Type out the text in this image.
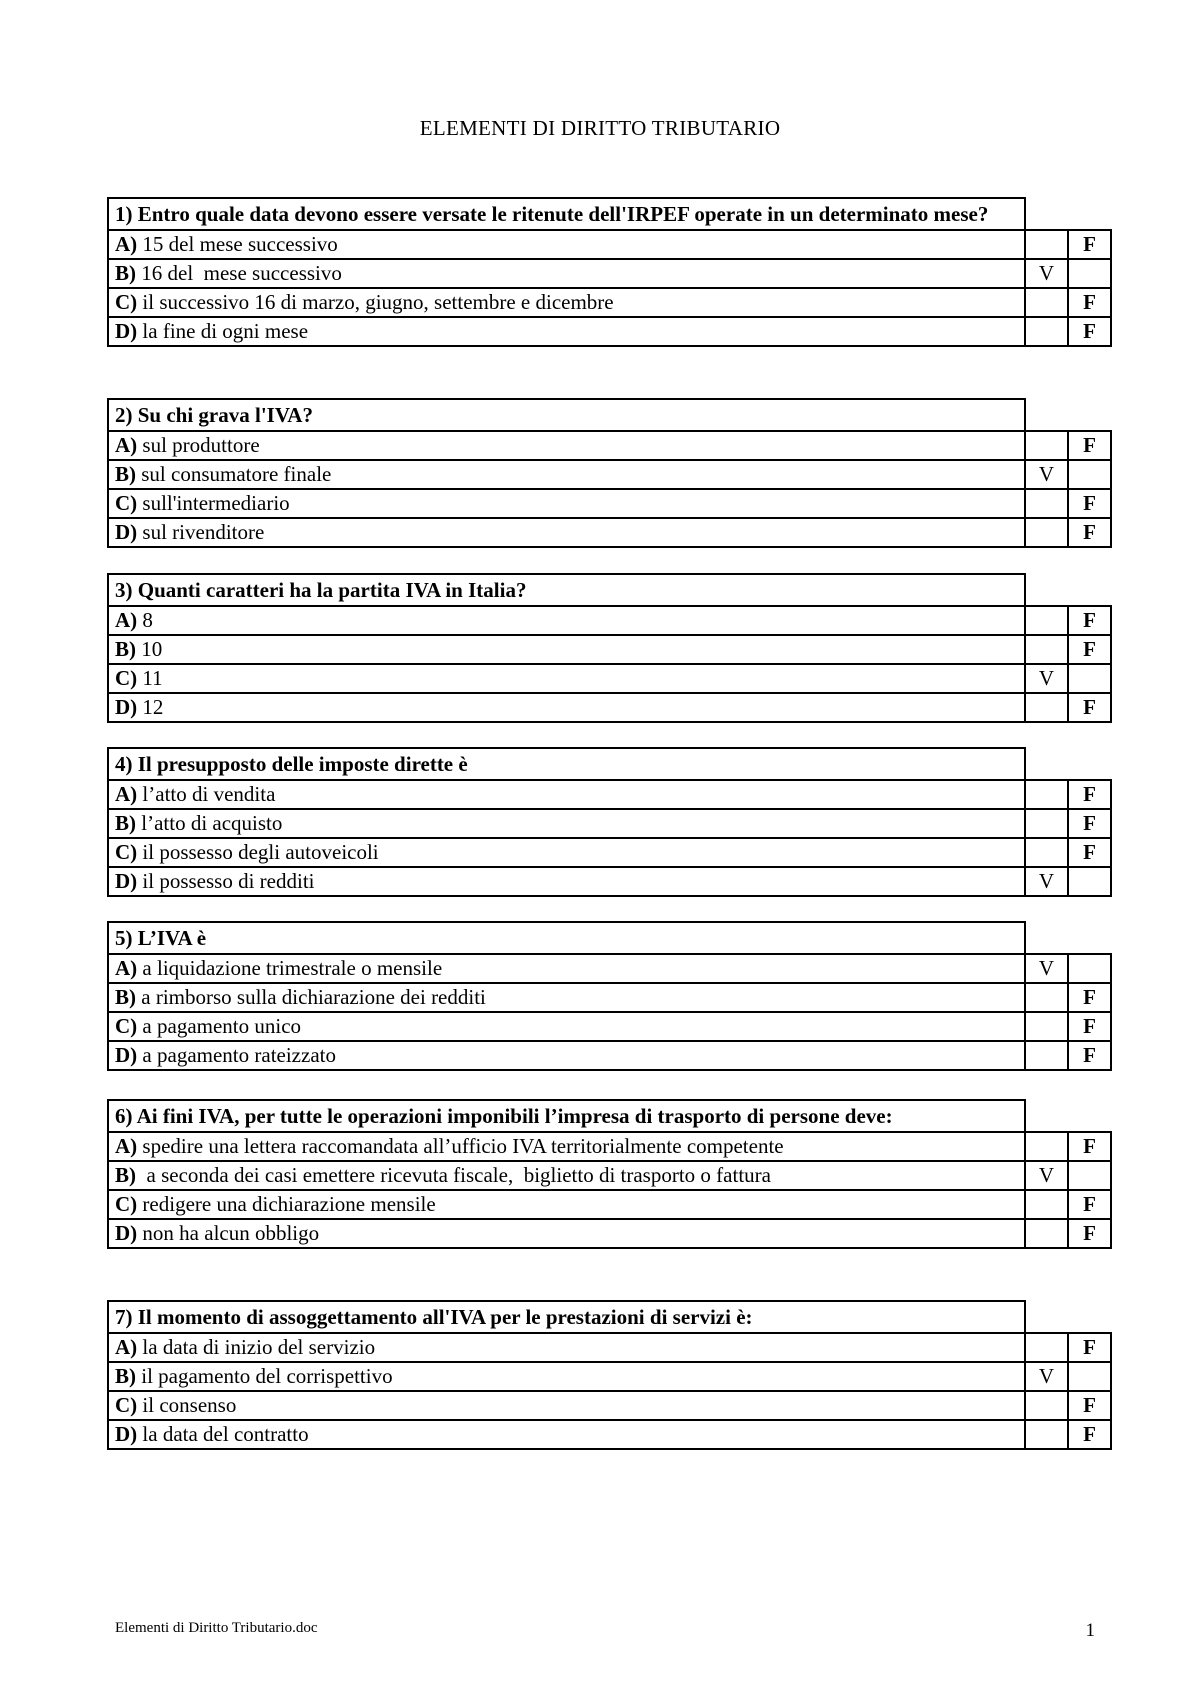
ELEMENTI DI DIRITTO TRIBUTARIO
1) Entro quale data devono essere versate le ritenute dell'IRPEF operate in un determinato mese?		
A) 15 del mese successivo		F
B) 16 del  mese successivo	V	
C) il successivo 16 di marzo, giugno, settembre e dicembre		F
D) la fine di ogni mese		F
2) Su chi grava l'IVA?		
A) sul produttore		F
B) sul consumatore finale	V	
C) sull'intermediario		F
D) sul rivenditore		F
3) Quanti caratteri ha la partita IVA in Italia?		
A) 8		F
B) 10		F
C) 11	V	
D) 12		F
4) Il presupposto delle imposte dirette è		
A) l’atto di vendita		F
B) l’atto di acquisto		F
C) il possesso degli autoveicoli		F
D) il possesso di redditi	V	
5) L’IVA è		
A) a liquidazione trimestrale o mensile	V	
B) a rimborso sulla dichiarazione dei redditi		F
C) a pagamento unico		F
D) a pagamento rateizzato		F
6) Ai fini IVA, per tutte le operazioni imponibili l’impresa di trasporto di persone deve:		
A) spedire una lettera raccomandata all’ufficio IVA territorialmente competente		F
B)  a seconda dei casi emettere ricevuta fiscale,  biglietto di trasporto o fattura	V	
C) redigere una dichiarazione mensile		F
D) non ha alcun obbligo		F
7) Il momento di assoggettamento all'IVA per le prestazioni di servizi è:		
A) la data di inizio del servizio		F
B) il pagamento del corrispettivo	V	
C) il consenso		F
D) la data del contratto		F
Elementi di Diritto Tributario.doc	1
